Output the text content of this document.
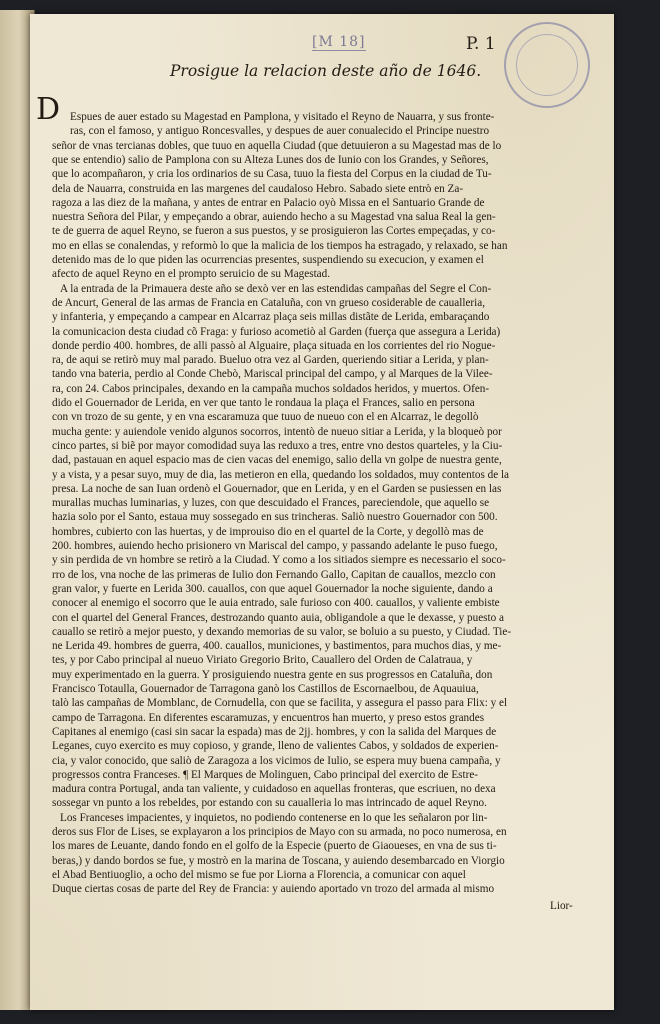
[M 18]	P. 1
Prosigue la relacion deste año de 1646.
D Espues de auer estado su Magestad en Pamplona, y visitado el Reyno de Nauarra, y sus fronte-
ras, con el famoso, y antiguo Roncesvalles, y despues de auer conualecido el Principe nuestro
señor de vnas tercianas dobles, que tuuo en aquella Ciudad (que detuuieron a su Magestad mas de lo
que se entendio) salio de Pamplona con su Alteza Lunes dos de Iunio con los Grandes, y Señores,
que lo acompañaron, y cria los ordinarios de su Casa, tuuo la fiesta del Corpus en la ciudad de Tu-
dela de Nauarra, construida en las margenes del caudaloso Hebro. Sabado siete entrò en Za-
ragoza a las diez de la mañana, y antes de entrar en Palacio oyò Missa en el Santuario Grande de
nuestra Señora del Pilar, y empeçando a obrar, auiendo hecho a su Magestad vna salua Real la gen-
te de guerra de aquel Reyno, se fueron a sus puestos, y se prosiguieron las Cortes empeçadas, y co-
mo en ellas se conalendas, y reformò lo que la malicia de los tiempos ha estragado, y relaxado, se han
detenido mas de lo que piden las ocurrencias presentes, suspendiendo su execucion, y examen el
afecto de aquel Reyno en el prompto seruicio de su Magestad.
A la entrada de la Primauera deste año se dexò ver en las estendidas campañas del Segre el Con-
de Ancurt, General de las armas de Francia en Cataluña, con vn grueso cosiderable de caualleria,
y infanteria, y empeçando a campear en Alcarraz plaça seis millas distãte de Lerida, embaraçando
la comunicacion desta ciudad cõ Fraga: y furioso acometiò al Garden (fuerça que assegura a Lerida)
donde perdio 400. hombres, de alli passò al Alguaire, plaça situada en los corrientes del rio Nogue-
ra, de aqui se retirò muy mal parado. Bueluo otra vez al Garden, queriendo sitiar a Lerida, y plan-
tando vna bateria, perdio al Conde Chebò, Mariscal principal del campo, y al Marques de la Vilee-
ra, con 24. Cabos principales, dexando en la campaña muchos soldados heridos, y muertos. Ofen-
dido el Gouernador de Lerida, en ver que tanto le rondaua la plaça el Frances, salio en persona
con vn trozo de su gente, y en vna escaramuza que tuuo de nueuo con el en Alcarraz, le degollò
mucha gente: y auiendole venido algunos socorros, intentò de nueuo sitiar a Lerida, y la bloqueò por
cinco partes, si biẽ por mayor comodidad suya las reduxo a tres, entre vno destos quarteles, y la Ciu-
dad, pastauan en aquel espacio mas de cien vacas del enemigo, salio della vn golpe de nuestra gente,
y a vista, y a pesar suyo, muy de dia, las metieron en ella, quedando los soldados, muy contentos de la
presa. La noche de san Iuan ordenò el Gouernador, que en Lerida, y en el Garden se pusiessen en las
murallas muchas luminarias, y luzes, con que descuidado el Frances, pareciendole, que aquello se
hazia solo por el Santo, estaua muy sossegado en sus trincheras. Saliò nuestro Gouernador con 500.
hombres, cubierto con las huertas, y de improuiso dio en el quartel de la Corte, y degollò mas de
200. hombres, auiendo hecho prisionero vn Mariscal del campo, y passando adelante le puso fuego,
y sin perdida de vn hombre se retirò a la Ciudad. Y como a los sitiados siempre es necessario el soco-
rro de los, vna noche de las primeras de Iulio don Fernando Gallo, Capitan de cauallos, mezclo con
gran valor, y fuerte en Lerida 300. cauallos, con que aquel Gouernador la noche siguiente, dando a
conocer al enemigo el socorro que le auia entrado, sale furioso con 400. cauallos, y valiente embiste
con el quartel del General Frances, destrozando quanto auia, obligandole a que le dexasse, y puesto a
cauallo se retirò a mejor puesto, y dexando memorias de su valor, se boluio a su puesto, y Ciudad. Tie-
ne Lerida 49. hombres de guerra, 400. cauallos, municiones, y bastimentos, para muchos dias, y me-
tes, y por Cabo principal al nueuo Viriato Gregorio Brito, Cauallero del Orden de Calatraua, y
muy experimentado en la guerra. Y prosiguiendo nuestra gente en sus progressos en Cataluña, don
Francisco Totaulla, Gouernador de Tarragona ganò los Castillos de Escornaelbou, de Aquauiua,
talò las campañas de Momblanc, de Cornudella, con que se facilita, y assegura el passo para Flix: y el
campo de Tarragona. En diferentes escaramuzas, y encuentros han muerto, y preso estos grandes
Capitanes al enemigo (casi sin sacar la espada) mas de 2jj. hombres, y con la salida del Marques de
Leganes, cuyo exercito es muy copioso, y grande, lleno de valientes Cabos, y soldados de experien-
cia, y valor conocido, que saliò de Zaragoza a los vicimos de Iulio, se espera muy buena campaña, y
progressos contra Franceses. ¶ El Marques de Molinguen, Cabo principal del exercito de Estre-
madura contra Portugal, anda tan valiente, y cuidadoso en aquellas fronteras, que escriuen, no dexa
sossegar vn punto a los rebeldes, por estando con su caualleria lo mas intrincado de aquel Reyno.
Los Franceses impacientes, y inquietos, no podiendo contenerse en lo que les señalaron por lin-
deros sus Flor de Lises, se explayaron a los principios de Mayo con su armada, no poco numerosa, en
los mares de Leuante, dando fondo en el golfo de la Especie (puerto de Giaoueses, en vna de sus ti-
beras,) y dando bordos se fue, y mostrò en la marina de Toscana, y auiendo desembarcado en Viorgio
el Abad Bentiuoglio, a ocho del mismo se fue por Liorna a Florencia, a comunicar con aquel
Duque ciertas cosas de parte del Rey de Francia: y auiendo aportado vn trozo del armada al mismo
Lior-
